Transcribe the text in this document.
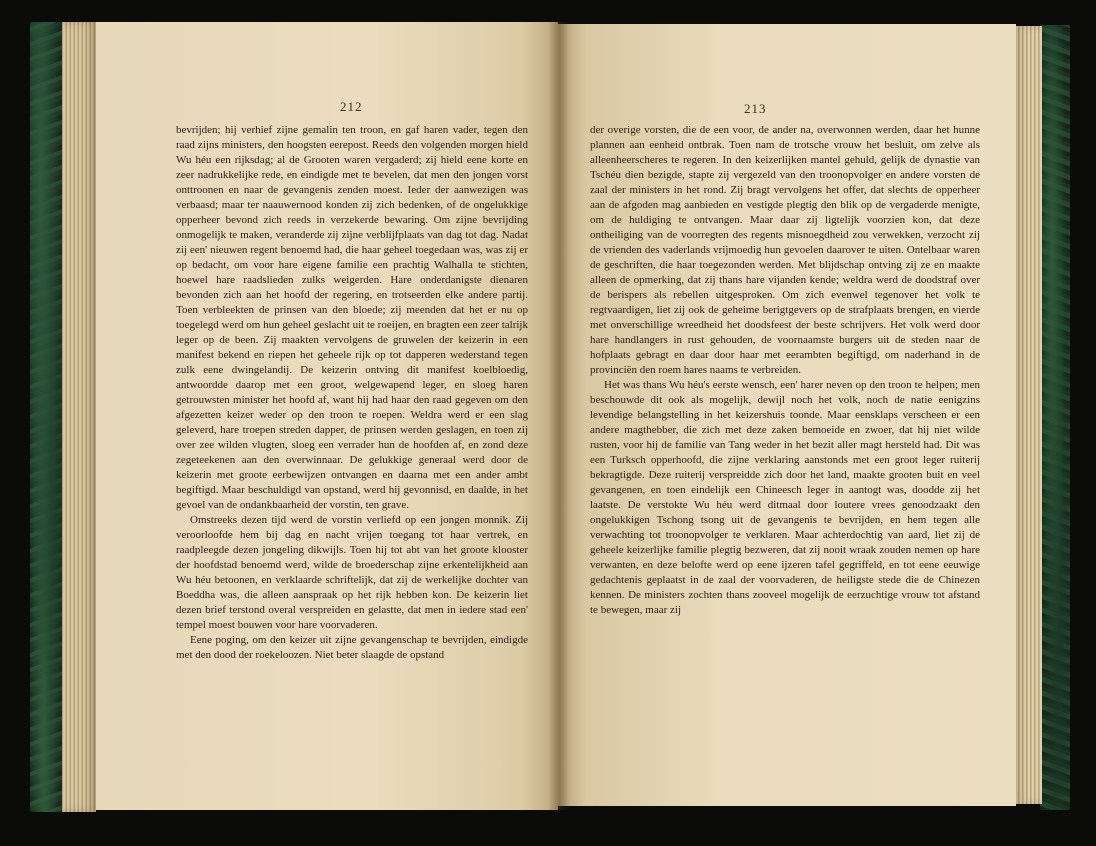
212

bevrijden; hij verhief zijne gemalin ten troon, en gaf haren vader, tegen den raad zijns ministers, den hoogsten eerepost. Reeds den volgenden morgen hield Wu héu een rijksdag; al de Grooten waren vergaderd; zij hield eene korte en zeer nadrukkelijke rede, en eindigde met te bevelen, dat men den jongen vorst onttroonen en naar de gevangenis zenden moest. Ieder der aanwezigen was verbaasd; maar ter naauwernood konden zij zich bedenken, of de ongelukkige opperheer bevond zich reeds in verzekerde bewaring. Om zijne bevrijding onmogelijk te maken, veranderde zij zijne verblijfplaats van dag tot dag. Nadat zij een' nieuwen regent benoemd had, die haar geheel toegedaan was, was zij er op bedacht, om voor hare eigene familie een prachtig Walhalla te stichten, hoewel hare raadslieden zulks weigerden. Hare onderdanigste dienaren bevonden zich aan het hoofd der regering, en trotseerden elke andere partij. Toen verbleekten de prinsen van den bloede; zij meenden dat het er nu op toegelegd werd om hun geheel geslacht uit te roeijen, en bragten een zeer talrijk leger op de been. Zij maakten vervolgens de gruwelen der keizerin in een manifest bekend en riepen het geheele rijk op tot dapperen wederstand tegen zulk eene dwingelandij. De keizerin ontving dit manifest koelbloedig, antwoordde daarop met een groot, welgewapend leger, en sloeg haren getrouwsten minister het hoofd af, want hij had haar den raad gegeven om den afgezetten keizer weder op den troon te roepen. Weldra werd er een slag geleverd, hare troepen streden dapper, de prinsen werden geslagen, en toen zij over zee wilden vlugten, sloeg een verrader hun de hoofden af, en zond deze zegeteekenen aan den overwinnaar. De gelukkige generaal werd door de keizerin met groote eerbewijzen ontvangen en daarna met een ander ambt begiftigd. Maar beschuldigd van opstand, werd hij gevonnisd, en daalde, in het gevoel van de ondankbaarheid der vorstin, ten grave.

Omstreeks dezen tijd werd de vorstin verliefd op een jongen monnik. Zij veroorloofde hem bij dag en nacht vrijen toegang tot haar vertrek, en raadpleegde dezen jongeling dikwijls. Toen hij tot abt van het groote klooster der hoofdstad benoemd werd, wilde de broederschap zijne erkentelijkheid aan Wu héu betoonen, en verklaarde schriftelijk, dat zij de werkelijke dochter van Boeddha was, die alleen aanspraak op het rijk hebben kon. De keizerin liet dezen brief terstond overal verspreiden en gelastte, dat men in iedere stad een' tempel moest bouwen voor hare voorvaderen.

Eene poging, om den keizer uit zijne gevangenschap te bevrijden, eindigde met den dood der roekeloozen. Niet beter slaagde de opstand

213

der overige vorsten, die de een voor, de ander na, overwonnen werden, daar het hunne plannen aan eenheid ontbrak. Toen nam de trotsche vrouw het besluit, om zelve als alleenheerscheres te regeren. In den keizerlijken mantel gehuld, gelijk de dynastie van Tschéu dien bezigde, stapte zij vergezeld van den troonopvolger en andere vorsten de zaal der ministers in het rond. Zij bragt vervolgens het offer, dat slechts de opperheer aan de afgoden mag aanbieden en vestigde plegtig den blik op de vergaderde menigte, om de huldiging te ontvangen. Maar daar zij ligtelijk voorzien kon, dat deze ontheiliging van de voorregten des regents misnoegdheid zou verwekken, verzocht zij de vrienden des vaderlands vrijmoedig hun gevoelen daarover te uiten. Ontelbaar waren de geschriften, die haar toegezonden werden. Met blijdschap ontving zij ze en maakte alleen de opmerking, dat zij thans hare vijanden kende; weldra werd de doodstraf over de berispers als rebellen uitgesproken. Om zich evenwel tegenover het volk te regtvaardigen, liet zij ook de geheime berigtgevers op de strafplaats brengen, en vierde met onverschillige wreedheid het doodsfeest der beste schrijvers. Het volk werd door hare handlangers in rust gehouden, de voornaamste burgers uit de steden naar de hofplaats gebragt en daar door haar met eerambten begiftigd, om naderhand in de provinciën den roem hares naams te verbreiden.

Het was thans Wu héu's eerste wensch, een' harer neven op den troon te helpen; men beschouwde dit ook als mogelijk, dewijl noch het volk, noch de natie eenigzins levendige belangstelling in het keizershuis toonde. Maar eensklaps verscheen er een andere magthebber, die zich met deze zaken bemoeide en zwoer, dat hij niet wilde rusten, voor hij de familie van Tang weder in het bezit aller magt hersteld had. Dit was een Turksch opperhoofd, die zijne verklaring aanstonds met een groot leger ruiterij bekragtigde. Deze ruiterij verspreidde zich door het land, maakte grooten buit en veel gevangenen, en toen eindelijk een Chineesch leger in aantogt was, doodde zij het laatste. De verstokte Wu héu werd ditmaal door loutere vrees genoodzaakt den ongelukkigen Tschong tsong uit de gevangenis te bevrijden, en hem tegen alle verwachting tot troonopvolger te verklaren. Maar achterdochtig van aard, liet zij de geheele keizerlijke familie plegtig bezweren, dat zij nooit wraak zouden nemen op hare verwanten, en deze belofte werd op eene ijzeren tafel gegriffeld, en tot eene eeuwige gedachtenis geplaatst in de zaal der voorvaderen, de heiligste stede die de Chinezen kennen. De ministers zochten thans zooveel mogelijk de eerzuchtige vrouw tot afstand te bewegen, maar zij
